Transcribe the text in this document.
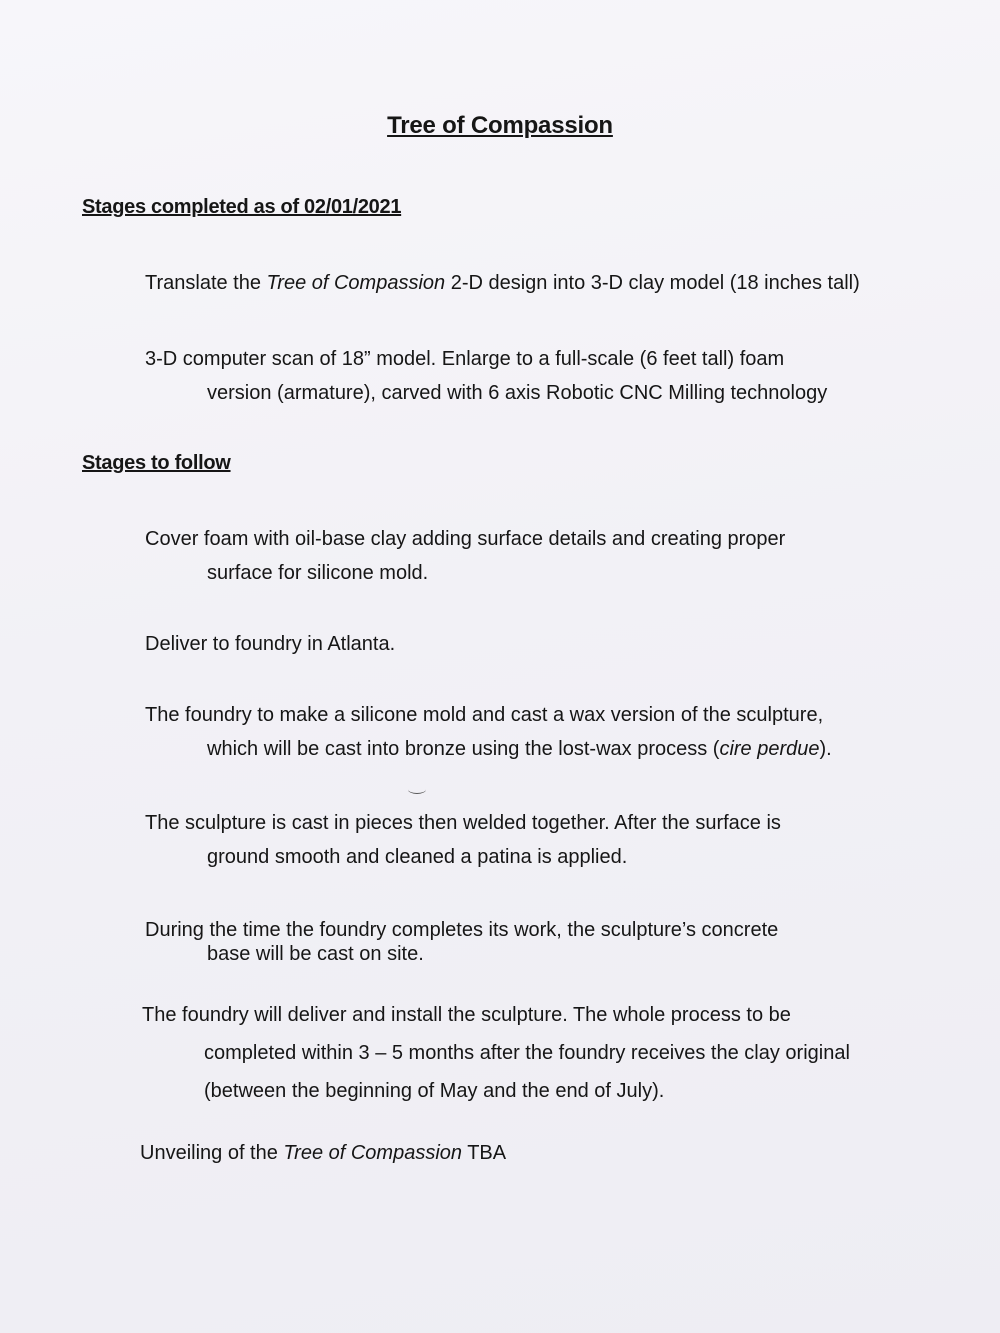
Tree of Compassion
Stages completed as of 02/01/2021

Translate the Tree of Compassion 2-D design into 3-D clay model (18 inches tall)

3-D computer scan of 18” model. Enlarge to a full-scale (6 feet tall) foam
version (armature), carved with 6 axis Robotic CNC Milling technology

Stages to follow

Cover foam with oil-base clay adding surface details and creating proper
surface for silicone mold.

Deliver to foundry in Atlanta.

The foundry to make a silicone mold and cast a wax version of the sculpture,
which will be cast into bronze using the lost-wax process (cire perdue).

The sculpture is cast in pieces then welded together. After the surface is
ground smooth and cleaned a patina is applied.

During the time the foundry completes its work, the sculpture’s concrete
base will be cast on site.

The foundry will deliver and install the sculpture. The whole process to be
completed within 3 – 5 months after the foundry receives the clay original
(between the beginning of May and the end of July).

Unveiling of the Tree of Compassion TBA
